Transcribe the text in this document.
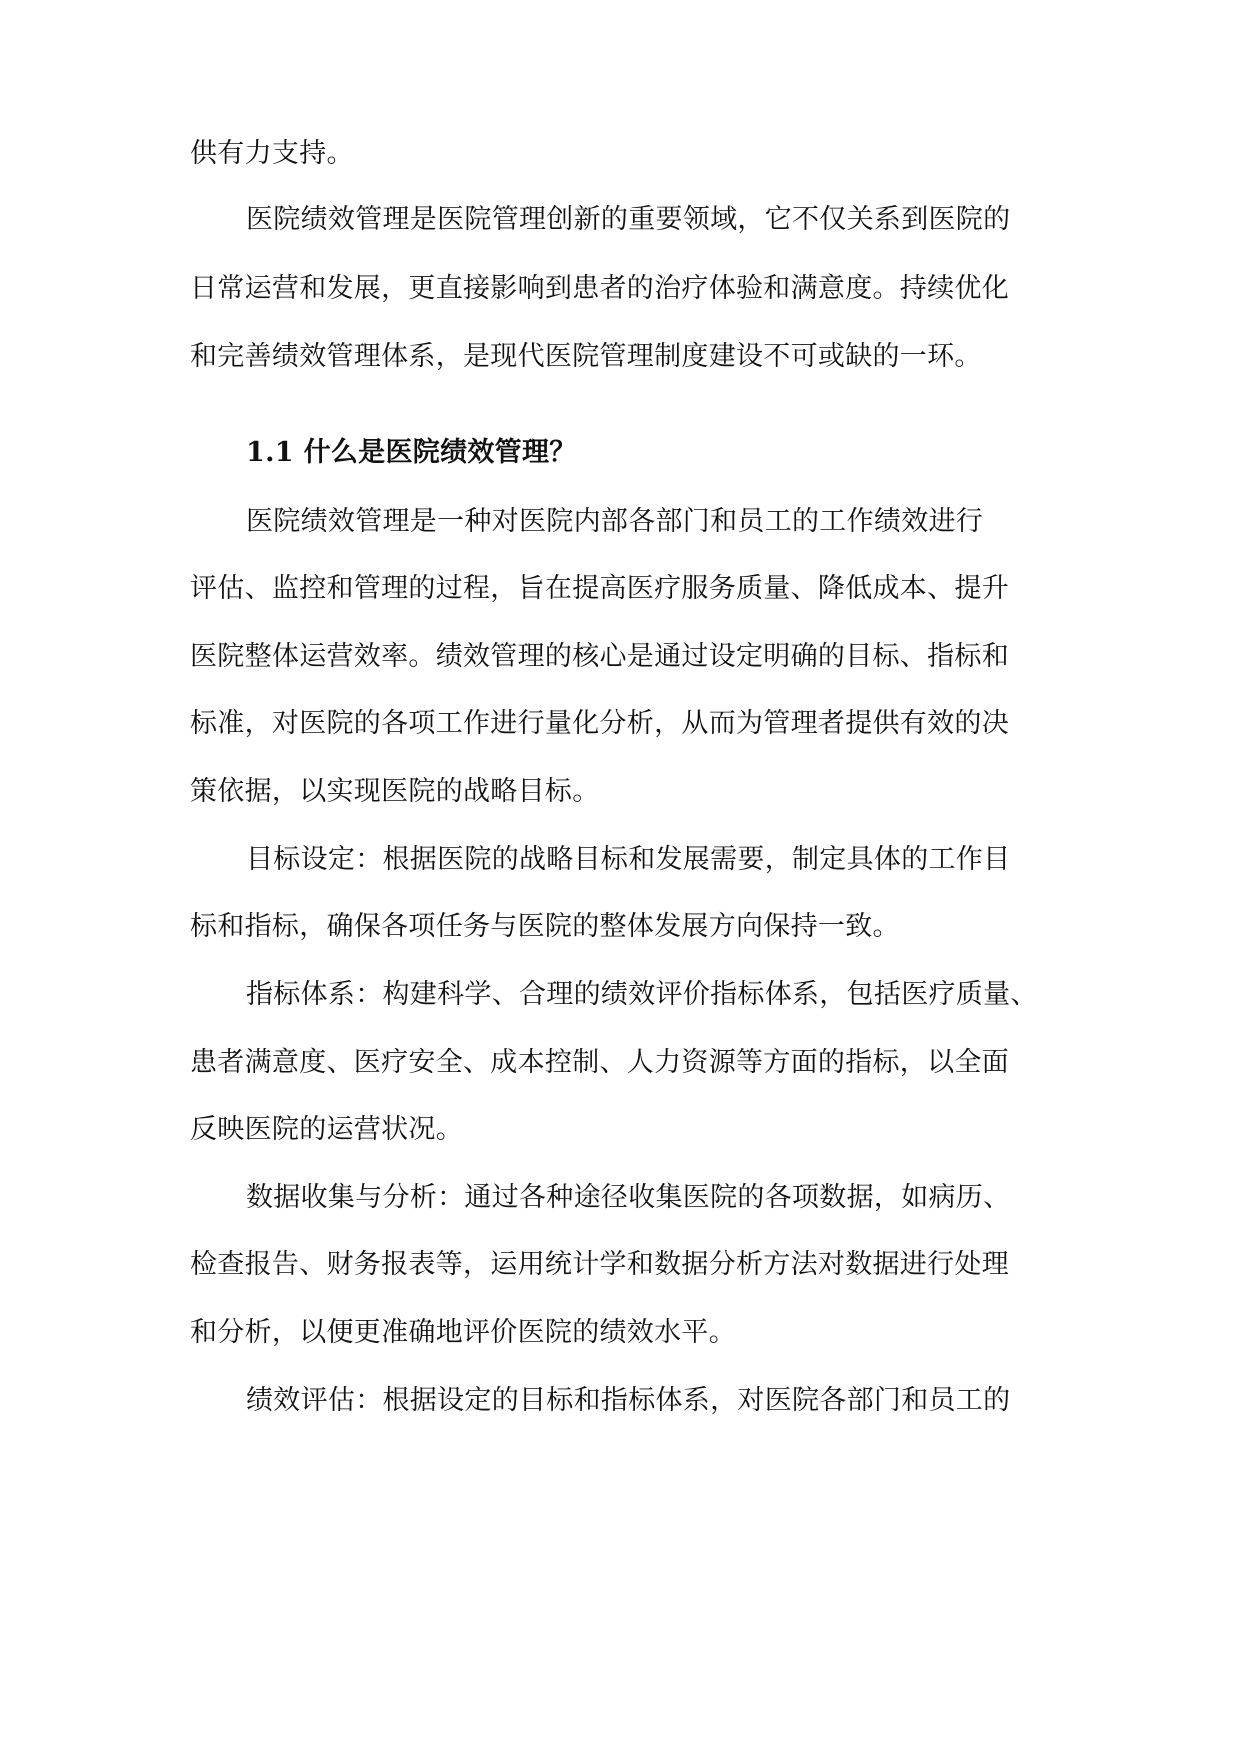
供有力支持。
医院绩效管理是医院管理创新的重要领域，它不仅关系到医院的
日常运营和发展，更直接影响到患者的治疗体验和满意度。持续优化
和完善绩效管理体系，是现代医院管理制度建设不可或缺的一环。
1.1 什么是医院绩效管理？
医院绩效管理是一种对医院内部各部门和员工的工作绩效进行
评估、监控和管理的过程，旨在提高医疗服务质量、降低成本、提升
医院整体运营效率。绩效管理的核心是通过设定明确的目标、指标和
标准，对医院的各项工作进行量化分析，从而为管理者提供有效的决
策依据，以实现医院的战略目标。
目标设定：根据医院的战略目标和发展需要，制定具体的工作目
标和指标，确保各项任务与医院的整体发展方向保持一致。
指标体系：构建科学、合理的绩效评价指标体系，包括医疗质量、
患者满意度、医疗安全、成本控制、人力资源等方面的指标，以全面
反映医院的运营状况。
数据收集与分析：通过各种途径收集医院的各项数据，如病历、
检查报告、财务报表等，运用统计学和数据分析方法对数据进行处理
和分析，以便更准确地评价医院的绩效水平。
绩效评估：根据设定的目标和指标体系，对医院各部门和员工的
